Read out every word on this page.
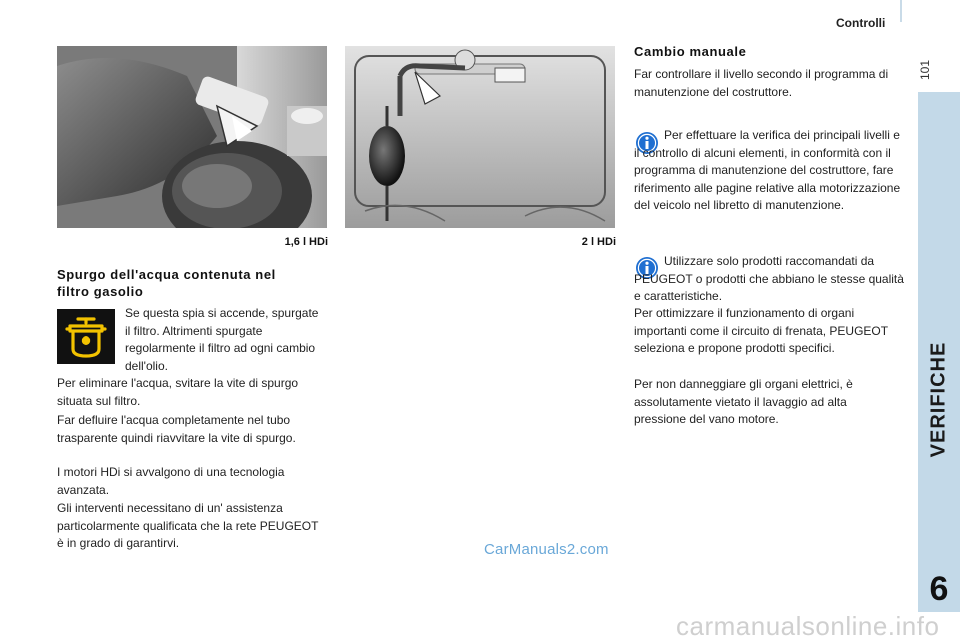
Controlli
101
VERIFICHE
6
1,6 l HDi	2 l HDi
Spurgo dell'acqua contenuta nel filtro gasolio

Se questa spia si accende, spurgate il filtro. Altrimenti spurgate regolarmente il filtro ad ogni cambio dell'olio.

Per eliminare l'acqua, svitare la vite di spurgo situata sul filtro.

Far defluire l'acqua completamente nel tubo trasparente quindi riavvitare la vite di spurgo.

I motori HDi si avvalgono di una tecnologia avanzata.

Gli interventi necessitano di un' assistenza particolarmente qualificata che la rete PEUGEOT è in grado di garantirvi.

Cambio manuale

Far controllare il livello secondo il programma di manutenzione del costruttore.

Per effettuare la verifica dei principali livelli e il controllo di alcuni elementi, in conformità con il programma di manutenzione del costruttore, fare riferimento alle pagine relative alla motorizzazione del veicolo nel libretto di manutenzione.

Utilizzare solo prodotti raccomandati da PEUGEOT o prodotti che abbiano le stesse qualità e caratteristiche.

Per ottimizzare il funzionamento di organi importanti come il circuito di frenata, PEUGEOT seleziona e propone prodotti specifici.

Per non danneggiare gli organi elettrici, è assolutamente vietato il lavaggio ad alta pressione del vano motore.

CarManuals2.com
carmanualsonline.info
